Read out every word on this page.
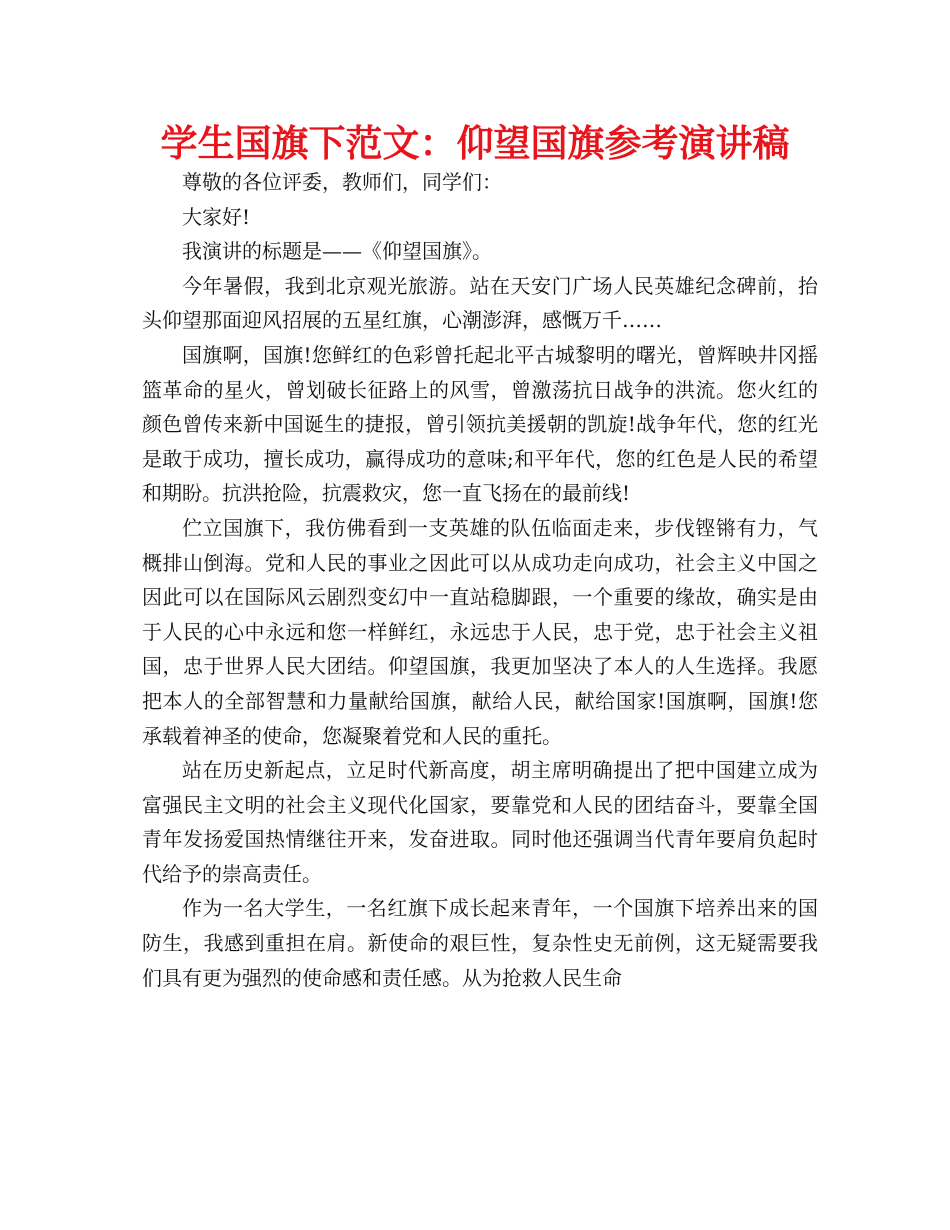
学生国旗下范文：仰望国旗参考演讲稿

尊敬的各位评委，教师们，同学们：

大家好!

我演讲的标题是——《仰望国旗》。

今年暑假，我到北京观光旅游。站在天安门广场人民英雄纪念碑前，抬头仰望那面迎风招展的五星红旗，心潮澎湃，感慨万千……

国旗啊，国旗!您鲜红的色彩曾托起北平古城黎明的曙光，曾辉映井冈摇篮革命的星火，曾划破长征路上的风雪，曾激荡抗日战争的洪流。您火红的颜色曾传来新中国诞生的捷报，曾引领抗美援朝的凯旋!战争年代，您的红光是敢于成功，擅长成功，赢得成功的意味;和平年代，您的红色是人民的希望和期盼。抗洪抢险，抗震救灾，您一直飞扬在的最前线!

伫立国旗下，我仿佛看到一支英雄的队伍临面走来，步伐铿锵有力，气概排山倒海。党和人民的事业之因此可以从成功走向成功，社会主义中国之因此可以在国际风云剧烈变幻中一直站稳脚跟，一个重要的缘故，确实是由于人民的心中永远和您一样鲜红，永远忠于人民，忠于党，忠于社会主义祖国，忠于世界人民大团结。仰望国旗，我更加坚决了本人的人生选择。我愿把本人的全部智慧和力量献给国旗，献给人民，献给国家!国旗啊，国旗!您承载着神圣的使命，您凝聚着党和人民的重托。

站在历史新起点，立足时代新高度，胡主席明确提出了把中国建立成为富强民主文明的社会主义现代化国家，要靠党和人民的团结奋斗，要靠全国青年发扬爱国热情继往开来，发奋进取。同时他还强调当代青年要肩负起时代给予的崇高责任。

作为一名大学生，一名红旗下成长起来青年，一个国旗下培养出来的国防生，我感到重担在肩。新使命的艰巨性，复杂性史无前例，这无疑需要我们具有更为强烈的使命感和责任感。从为抢救人民生命
